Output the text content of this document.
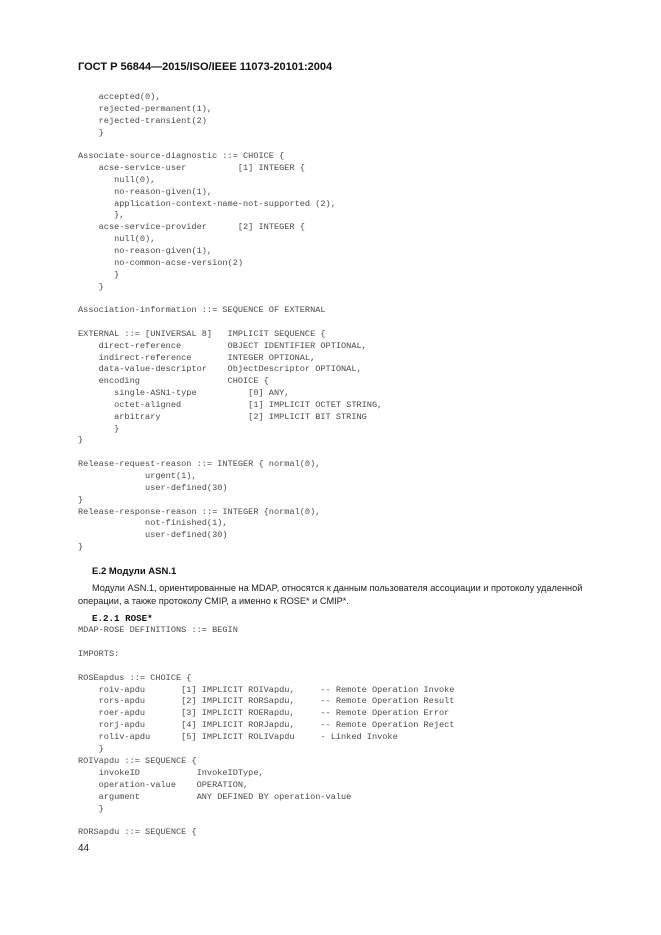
ГОСТ Р 56844—2015/ISO/IEEE 11073-20101:2004
accepted(0),
rejected-permanent(1),
rejected-transient(2)
}

Associate-source-diagnostic ::= CHOICE {
acse-service-user          [1] INTEGER {
null(0),
no-reason-given(1),
application-context-name-not-supported (2),
},
acse-service-provider      [2] INTEGER {
null(0),
no-reason-given(1),
no-common-acse-version(2)
}
}

Association-information ::= SEQUENCE OF EXTERNAL

EXTERNAL ::= [UNIVERSAL 8]   IMPLICIT SEQUENCE {
direct-reference         OBJECT IDENTIFIER OPTIONAL,
indirect-reference       INTEGER OPTIONAL,
data-value-descriptor    ObjectDescriptor OPTIONAL,
encoding                 CHOICE {
single-ASN1-type          [0] ANY,
octet-aligned             [1] IMPLICIT OCTET STRING,
arbitrary                 [2] IMPLICIT BIT STRING
}
}

Release-request-reason ::= INTEGER { normal(0),
urgent(1),
user-defined(30)
}
Release-response-reason ::= INTEGER {normal(0),
not-finished(1),
user-defined(30)
}
Е.2 Модули ASN.1

Модули ASN.1, ориентированные на MDAP, относятся к данным пользователя ассоциации и протоколу удаленной операции, а также протоколу CMIP, а именно к ROSE* и CMIP*.

E.2.1 ROSE*
MDAP-ROSE DEFINITIONS ::= BEGIN

IMPORTS:

ROSEapdus ::= CHOICE {
roiv-apdu       [1] IMPLICIT ROIVapdu,     -- Remote Operation Invoke
rors-apdu       [2] IMPLICIT RORSapdu,     -- Remote Operation Result
roer-apdu       [3] IMPLICIT ROERapdu,     -- Remote Operation Error
rorj-apdu       [4] IMPLICIT RORJapdu,     -- Remote Operation Reject
roliv-apdu      [5] IMPLICIT ROLIVapdu     - Linked Invoke
}
ROIVapdu ::= SEQUENCE {
invokeID           InvokeIDType,
operation-value    OPERATION,
argument           ANY DEFINED BY operation-value
}

RORSapdu ::= SEQUENCE {
44
